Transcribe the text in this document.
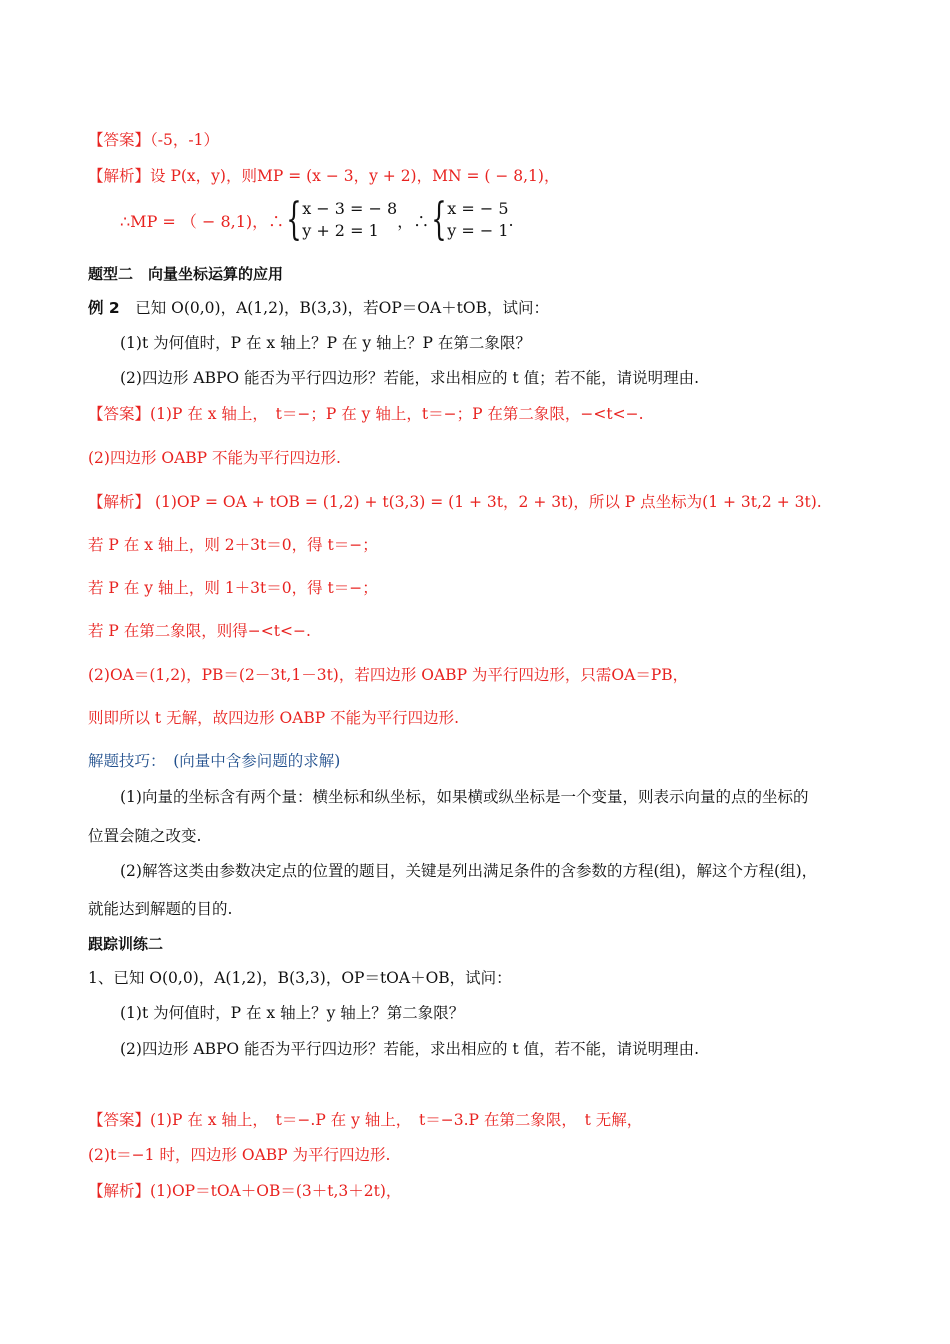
【答案】（-5，-1）
【解析】设 P(x，y)，则MP = (x − 3，y + 2)，MN = ( − 8,1)，
∴MP = （ − 8,1)，∴ { x − 3 = − 8
y + 2 = 1	，∴ { x = − 5
y = − 1
.
题型二　向量坐标运算的应用
例 2　已知 O(0,0)，A(1,2)，B(3,3)，若OP＝OA＋tOB，试问：
(1)t 为何值时，P 在 x 轴上？P 在 y 轴上？P 在第二象限？
(2)四边形 ABPO 能否为平行四边形？若能，求出相应的 t 值；若不能，请说明理由.
【答案】(1)P 在 x 轴上，　t＝−；P 在 y 轴上，t＝−；P 在第二象限，−<t<−.
(2)四边形 OABP 不能为平行四边形.
【解析】 (1)OP = OA + tOB = (1,2) + t(3,3) = (1 + 3t，2 + 3t)，所以 P 点坐标为(1 + 3t,2 + 3t).
若 P 在 x 轴上，则 2＋3t＝0，得 t＝−；
若 P 在 y 轴上，则 1＋3t＝0，得 t＝−；
若 P 在第二象限，则得−<t<−.
(2)OA＝(1,2)，PB＝(2－3t,1－3t)，若四边形 OABP 为平行四边形，只需OA＝PB，
则即所以 t 无解，故四边形 OABP 不能为平行四边形.
解题技巧：　(向量中含参问题的求解)
(1)向量的坐标含有两个量：横坐标和纵坐标，如果横或纵坐标是一个变量，则表示向量的点的坐标的
位置会随之改变.
(2)解答这类由参数决定点的位置的题目，关键是列出满足条件的含参数的方程(组)，解这个方程(组)，
就能达到解题的目的.
跟踪训练二
1、已知 O(0,0)，A(1,2)，B(3,3)，OP＝tOA＋OB，试问：
(1)t 为何值时，P 在 x 轴上？y 轴上？第二象限？
(2)四边形 ABPO 能否为平行四边形？若能，求出相应的 t 值，若不能，请说明理由.
【答案】(1)P 在 x 轴上，　t＝−.P 在 y 轴上，　t＝−3.P 在第二象限，　t 无解，
(2)t＝−1 时，四边形 OABP 为平行四边形.
【解析】(1)OP＝tOA＋OB＝(3＋t,3＋2t)，
